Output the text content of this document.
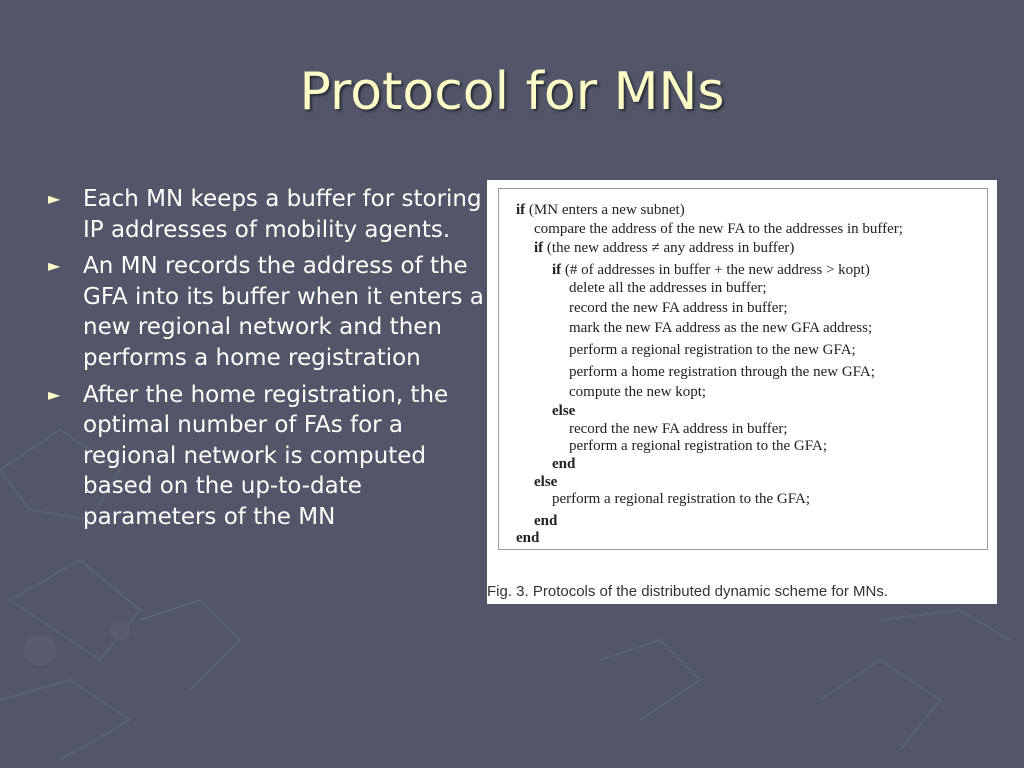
Protocol for MNs
► Each MN keeps a buffer for storing IP addresses of mobility agents.
► An MN records the address of the GFA into its buffer when it enters a new regional network and then performs a home registration
► After the home registration, the optimal number of FAs for a regional network is computed based on the up-to-date parameters of the MN
if (MN enters a new subnet)
compare the address of the new FA to the addresses in buffer;
if (the new address ≠ any address in buffer)
if (# of addresses in buffer + the new address > kopt)
delete all the addresses in buffer;
record the new FA address in buffer;
mark the new FA address as the new GFA address;
perform a regional registration to the new GFA;
perform a home registration through the new GFA;
compute the new kopt;
else
record the new FA address in buffer;
perform a regional registration to the GFA;
end
else
perform a regional registration to the GFA;
end
end
Fig. 3. Protocols of the distributed dynamic scheme for MNs.
